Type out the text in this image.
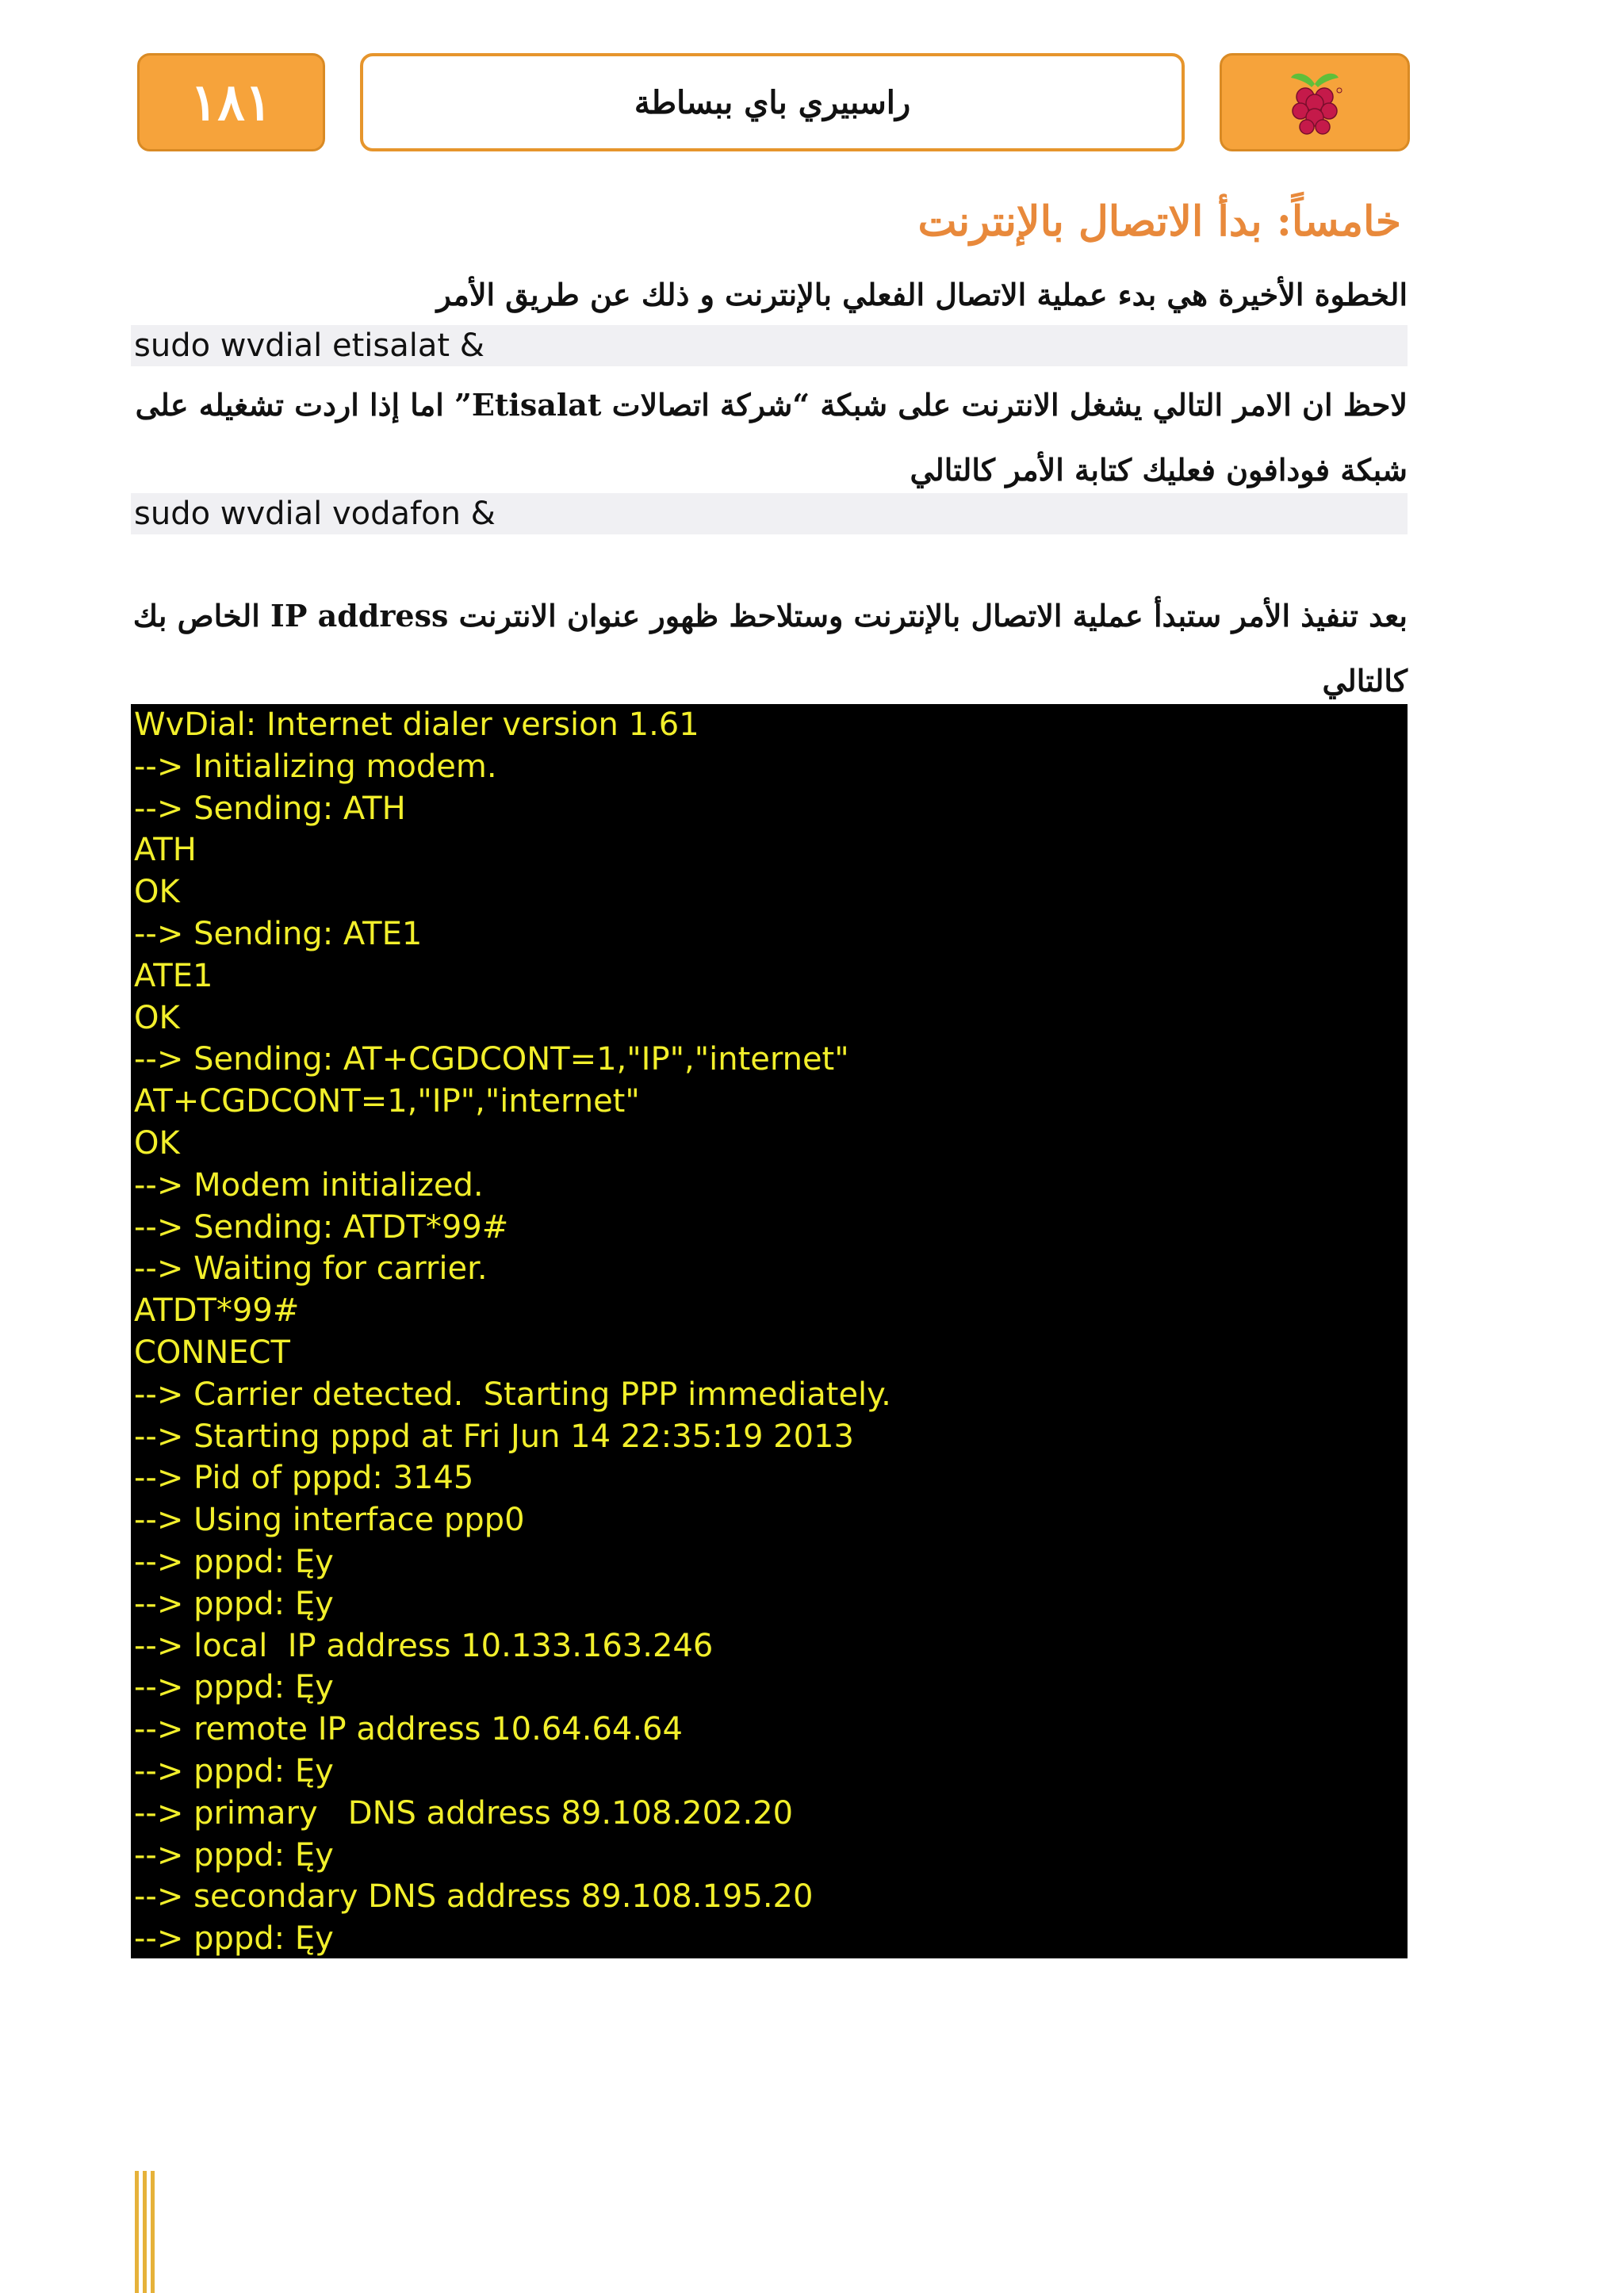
١٨١	راسبيري باي ببساطة
خامساً: بدأ الاتصال بالإنترنت
الخطوة الأخيرة هي بدء عملية الاتصال الفعلي بالإنترنت و ذلك عن طريق الأمر
sudo wvdial etisalat &
لاحظ ان الامر التالي يشغل الانترنت على شبكة “شركة اتصالات Etisalat” اما إذا اردت تشغيله على شبكة فودافون فعليك كتابة الأمر كالتالي
sudo wvdial vodafon &
بعد تنفيذ الأمر ستبدأ عملية الاتصال بالإنترنت وستلاحظ ظهور عنوان الانترنت IP address الخاص بك كالتالي
WvDial: Internet dialer version 1.61
--> Initializing modem.
--> Sending: ATH
ATH
OK
--> Sending: ATE1
ATE1
OK
--> Sending: AT+CGDCONT=1,"IP","internet"
AT+CGDCONT=1,"IP","internet"
OK
--> Modem initialized.
--> Sending: ATDT*99#
--> Waiting for carrier.
ATDT*99#
CONNECT
--> Carrier detected.  Starting PPP immediately.
--> Starting pppd at Fri Jun 14 22:35:19 2013
--> Pid of pppd: 3145
--> Using interface ppp0
--> pppd: Ęy
--> pppd: Ęy
--> local  IP address 10.133.163.246
--> pppd: Ęy
--> remote IP address 10.64.64.64
--> pppd: Ęy
--> primary   DNS address 89.108.202.20
--> pppd: Ęy
--> secondary DNS address 89.108.195.20
--> pppd: Ęy
